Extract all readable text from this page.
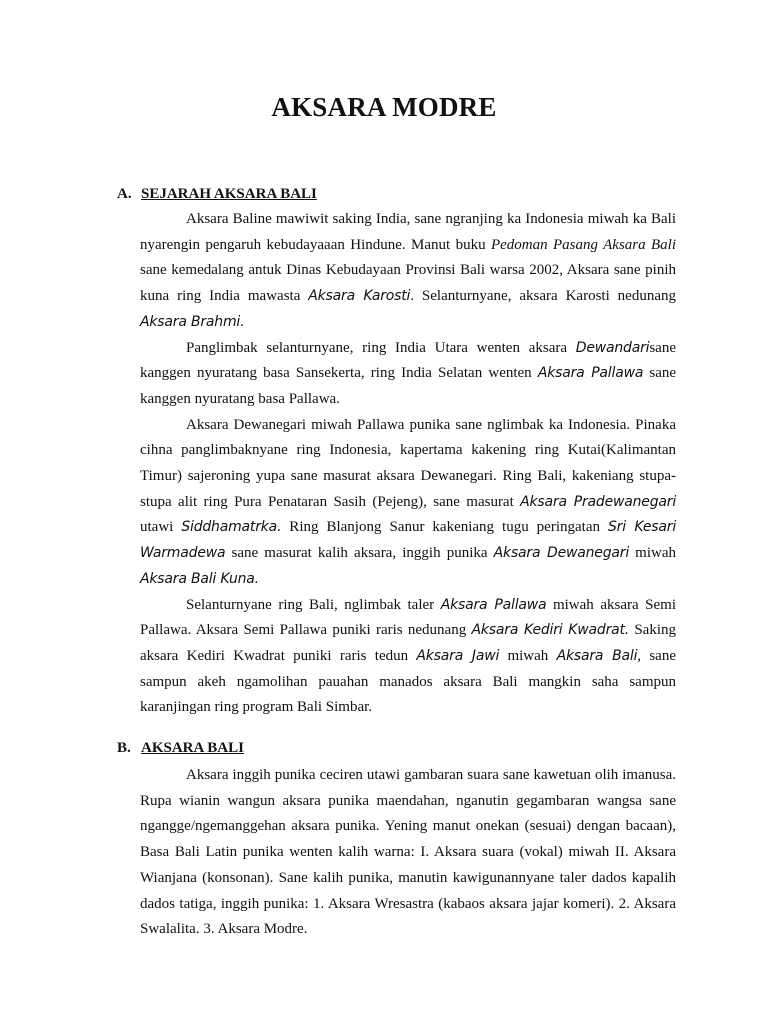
AKSARA MODRE
A. SEJARAH AKSARA BALI

Aksara Baline mawiwit saking India, sane ngranjing ka Indonesia miwah ka Bali nyarengin pengaruh kebudayaaan Hindune. Manut buku Pedoman Pasang Aksara Bali sane kemedalang antuk Dinas Kebudayaan Provinsi Bali warsa 2002, Aksara sane pinih kuna ring India mawasta Aksara Karosti. Selanturnyane, aksara Karosti nedunang Aksara Brahmi.

Panglimbak selanturnyane, ring India Utara wenten aksara Dewandarisane kanggen nyuratang basa Sansekerta, ring India Selatan wenten Aksara Pallawa sane kanggen nyuratang basa Pallawa.

Aksara Dewanegari miwah Pallawa punika sane nglimbak ka Indonesia. Pinaka cihna panglimbaknyane ring Indonesia, kapertama kakening ring Kutai(Kalimantan Timur) sajeroning yupa sane masurat aksara Dewanegari. Ring Bali, kakeniang stupa- stupa alit ring Pura Penataran Sasih (Pejeng), sane masurat Aksara Pradewanegari utawi Siddhamatrka. Ring Blanjong Sanur kakeniang tugu peringatan Sri Kesari Warmadewa sane masurat kalih aksara, inggih punika Aksara Dewanegari miwah Aksara Bali Kuna.

Selanturnyane ring Bali, nglimbak taler Aksara Pallawa miwah aksara Semi Pallawa. Aksara Semi Pallawa puniki raris nedunang Aksara Kediri Kwadrat. Saking aksara Kediri Kwadrat puniki raris tedun Aksara Jawi miwah Aksara Bali, sane sampun akeh ngamolihan pauahan manados aksara Bali mangkin saha sampun karanjingan ring program Bali Simbar.

B. AKSARA BALI

Aksara inggih punika ceciren utawi gambaran suara sane kawetuan olih imanusa. Rupa wianin wangun aksara punika maendahan, nganutin gegambaran wangsa sane ngangge/ngemanggehan aksara punika. Yening manut onekan (sesuai) dengan bacaan), Basa Bali Latin punika wenten kalih warna: I. Aksara suara (vokal) miwah II. Aksara Wianjana (konsonan). Sane kalih punika, manutin kawigunannyane taler dados kapalih dados tatiga, inggih punika: 1. Aksara Wresastra (kabaos aksara jajar komeri). 2. Aksara Swalalita. 3. Aksara Modre.
